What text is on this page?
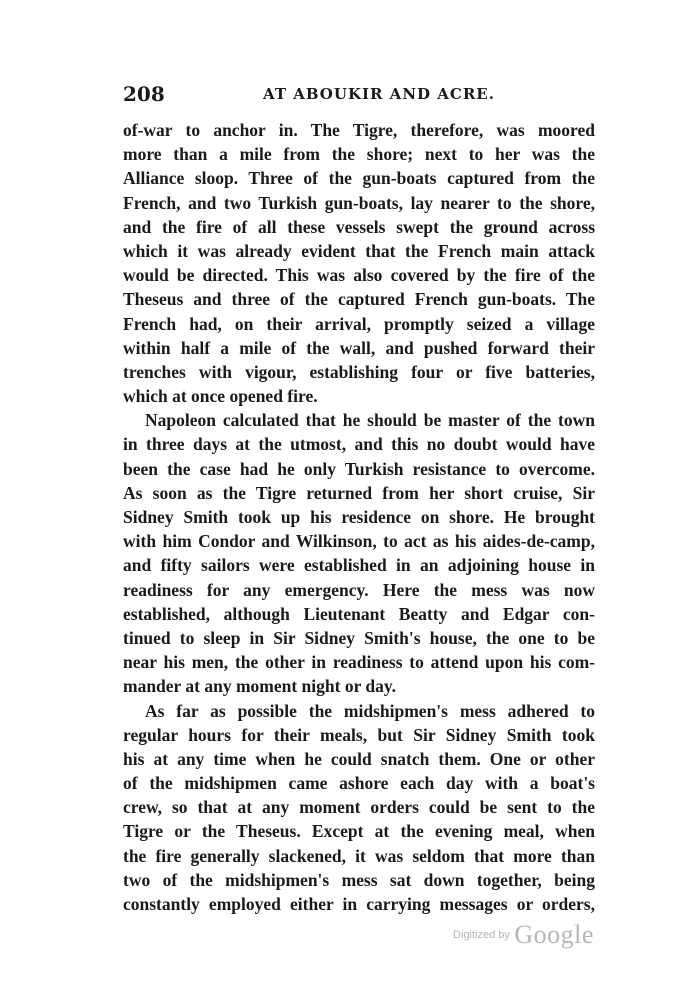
208	AT ABOUKIR AND ACRE.
of-war to anchor in. The Tigre, therefore, was moored
more than a mile from the shore; next to her was the
Alliance sloop. Three of the gun-boats captured from the
French, and two Turkish gun-boats, lay nearer to the shore,
and the fire of all these vessels swept the ground across
which it was already evident that the French main attack
would be directed. This was also covered by the fire of the
Theseus and three of the captured French gun-boats. The
French had, on their arrival, promptly seized a village
within half a mile of the wall, and pushed forward their
trenches with vigour, establishing four or five batteries,
which at once opened fire.
Napoleon calculated that he should be master of the town
in three days at the utmost, and this no doubt would have
been the case had he only Turkish resistance to overcome.
As soon as the Tigre returned from her short cruise, Sir
Sidney Smith took up his residence on shore. He brought
with him Condor and Wilkinson, to act as his aides-de-camp,
and fifty sailors were established in an adjoining house in
readiness for any emergency. Here the mess was now
established, although Lieutenant Beatty and Edgar con-
tinued to sleep in Sir Sidney Smith's house, the one to be
near his men, the other in readiness to attend upon his com-
mander at any moment night or day.
As far as possible the midshipmen's mess adhered to
regular hours for their meals, but Sir Sidney Smith took
his at any time when he could snatch them. One or other
of the midshipmen came ashore each day with a boat's
crew, so that at any moment orders could be sent to the
Tigre or the Theseus. Except at the evening meal, when
the fire generally slackened, it was seldom that more than
two of the midshipmen's mess sat down together, being
constantly employed either in carrying messages or orders,
Digitized by Google
